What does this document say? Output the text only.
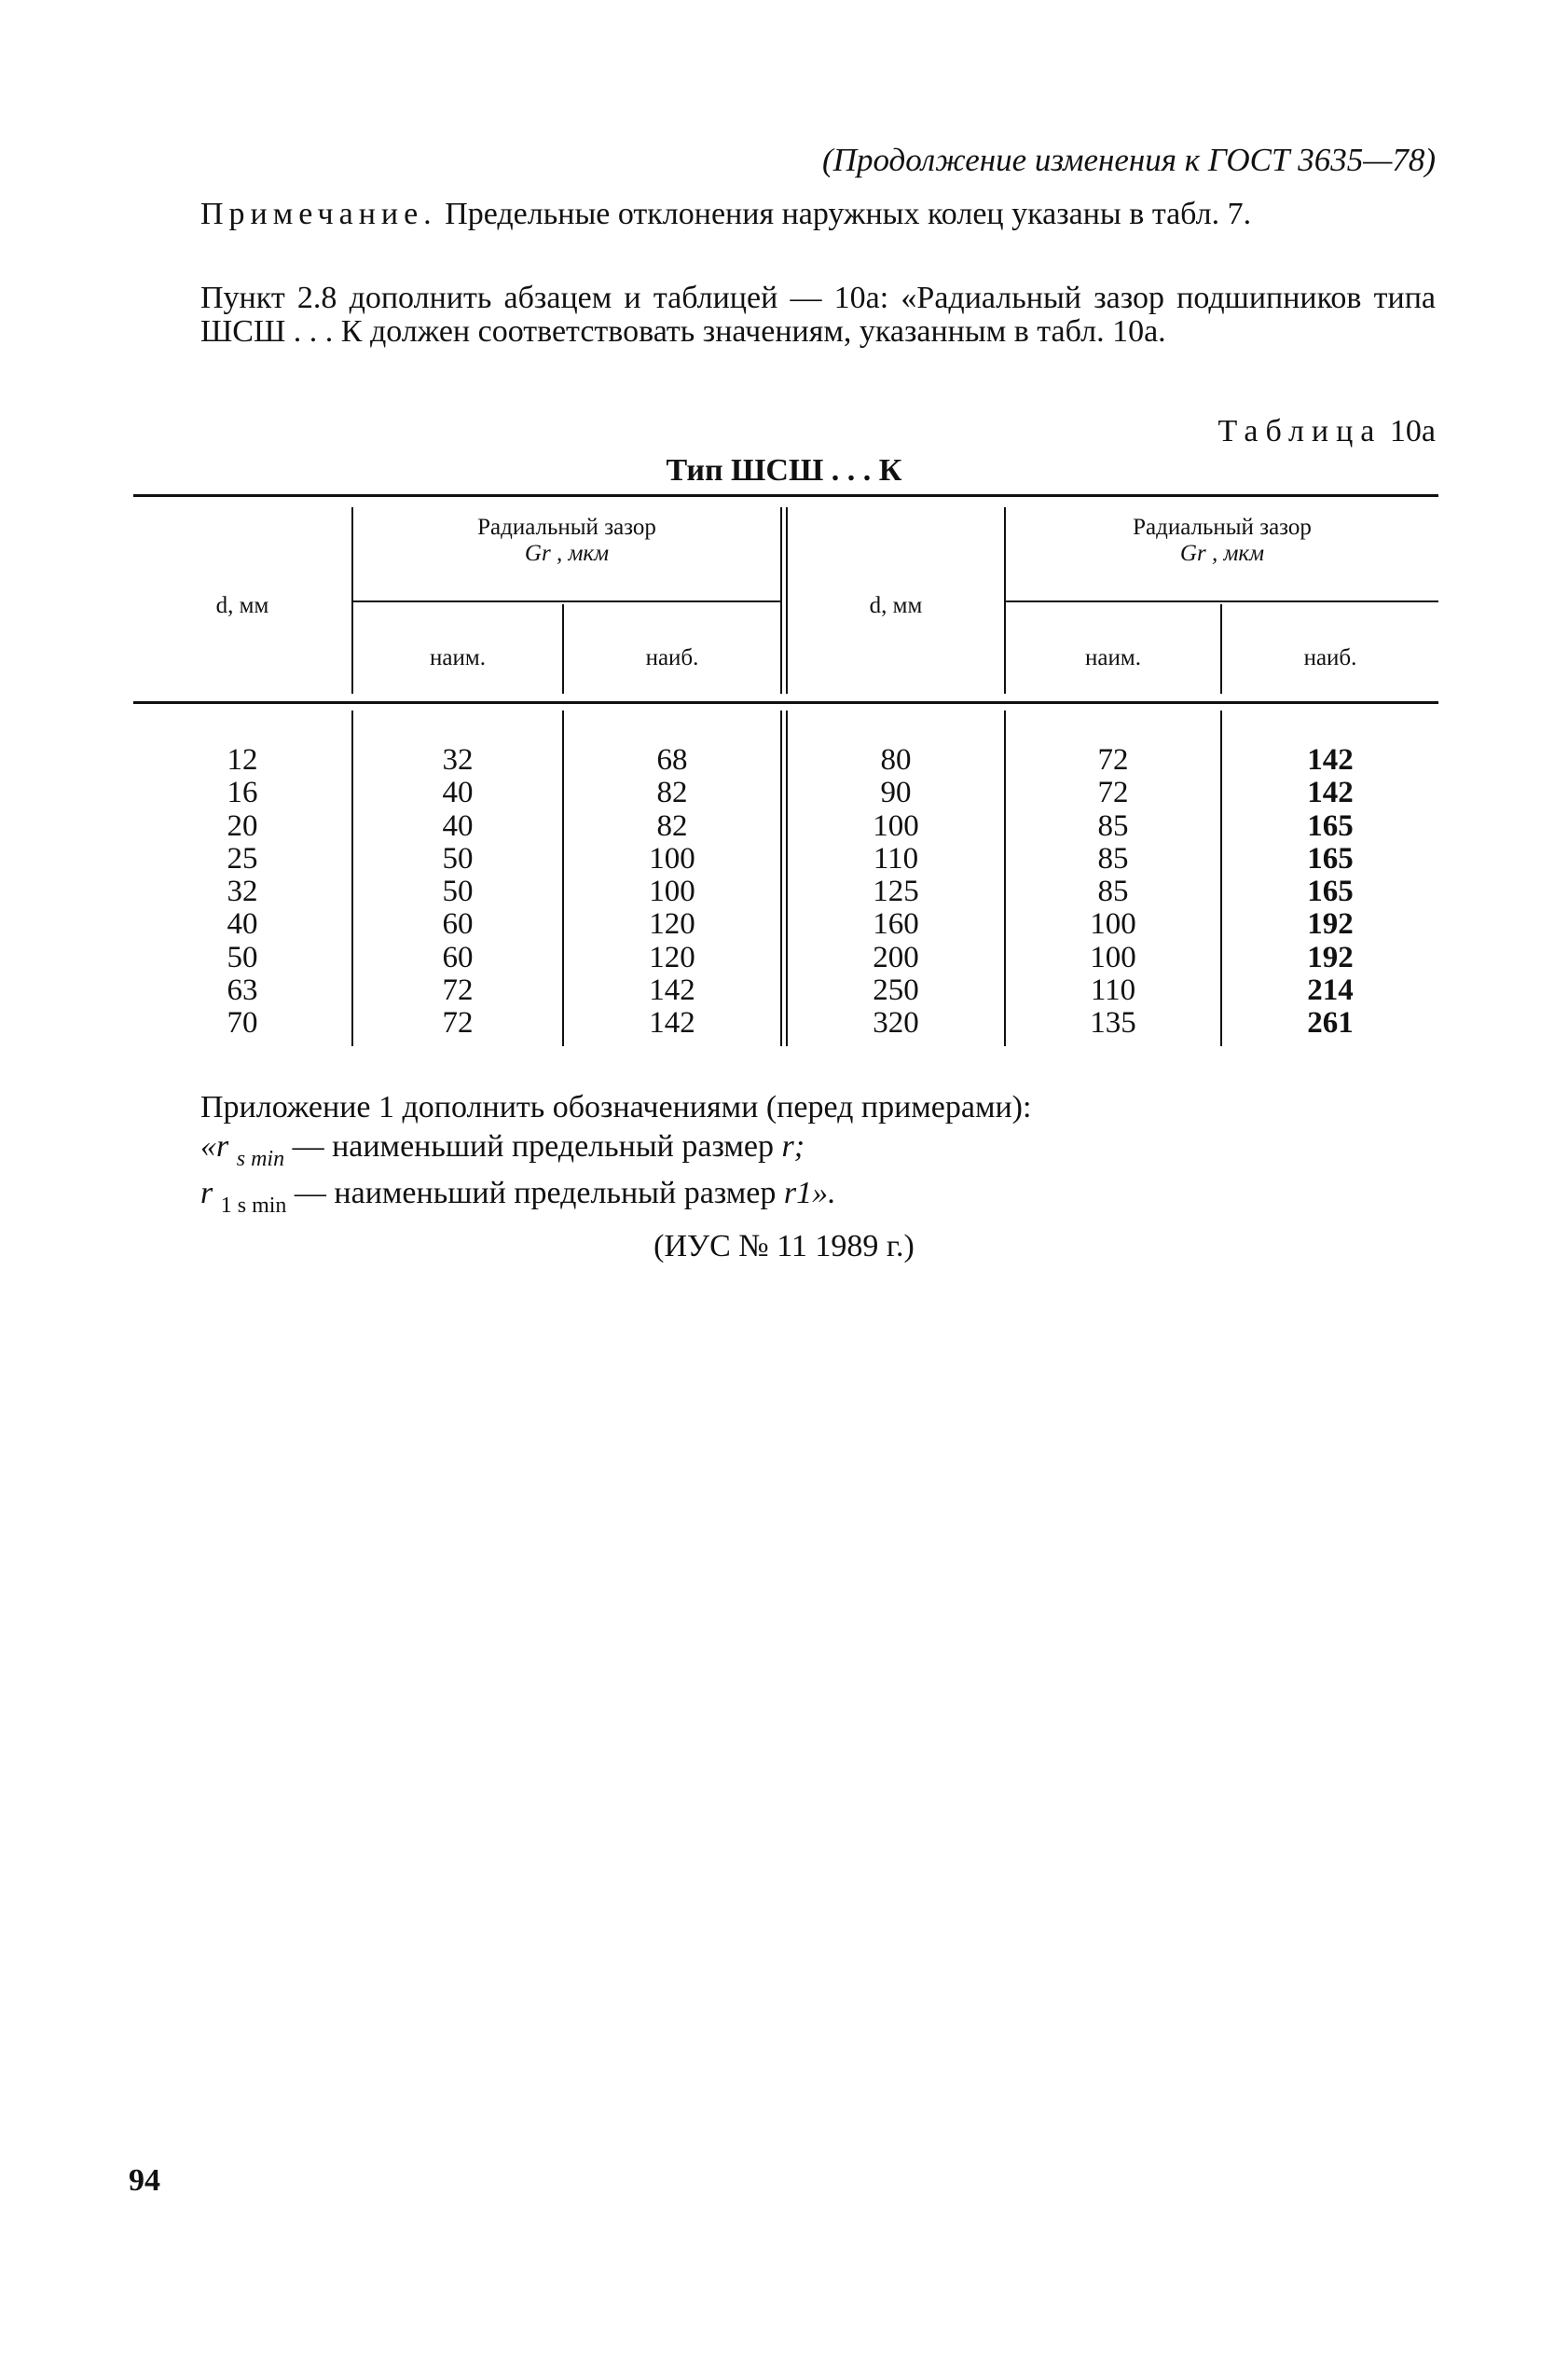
(Продолжение изменения к ГОСТ 3635—78)
Примечание. Предельные отклонения наружных колец указаны в табл. 7.
Пункт 2.8 дополнить абзацем и таблицей — 10а: «Радиальный зазор подшипников типа ШСШ . . . К должен соответствовать значениям, указанным в табл. 10а.
Таблица 10а
Тип ШСШ . . . К
d, мм
Радиальный зазор
Gr , мкм
наим.	наиб.
d, мм
Радиальный зазор
Gr , мкм
наим.	наиб.
12
16
20
25
32
40
50
63
70
32
40
40
50
50
60
60
72
72
68
82
82
100
100
120
120
142
142
80
90
100
110
125
160
200
250
320
72
72
85
85
85
100
100
110
135
142
142
165
165
165
192
192
214
261
Приложение 1 дополнить обозначениями (перед примерами):
«r $_{s min}$ — наименьший предельный размер r;
r $_{1 s min}$ — наименьший предельный размер r1».
(ИУС № 11 1989 г.)
94
